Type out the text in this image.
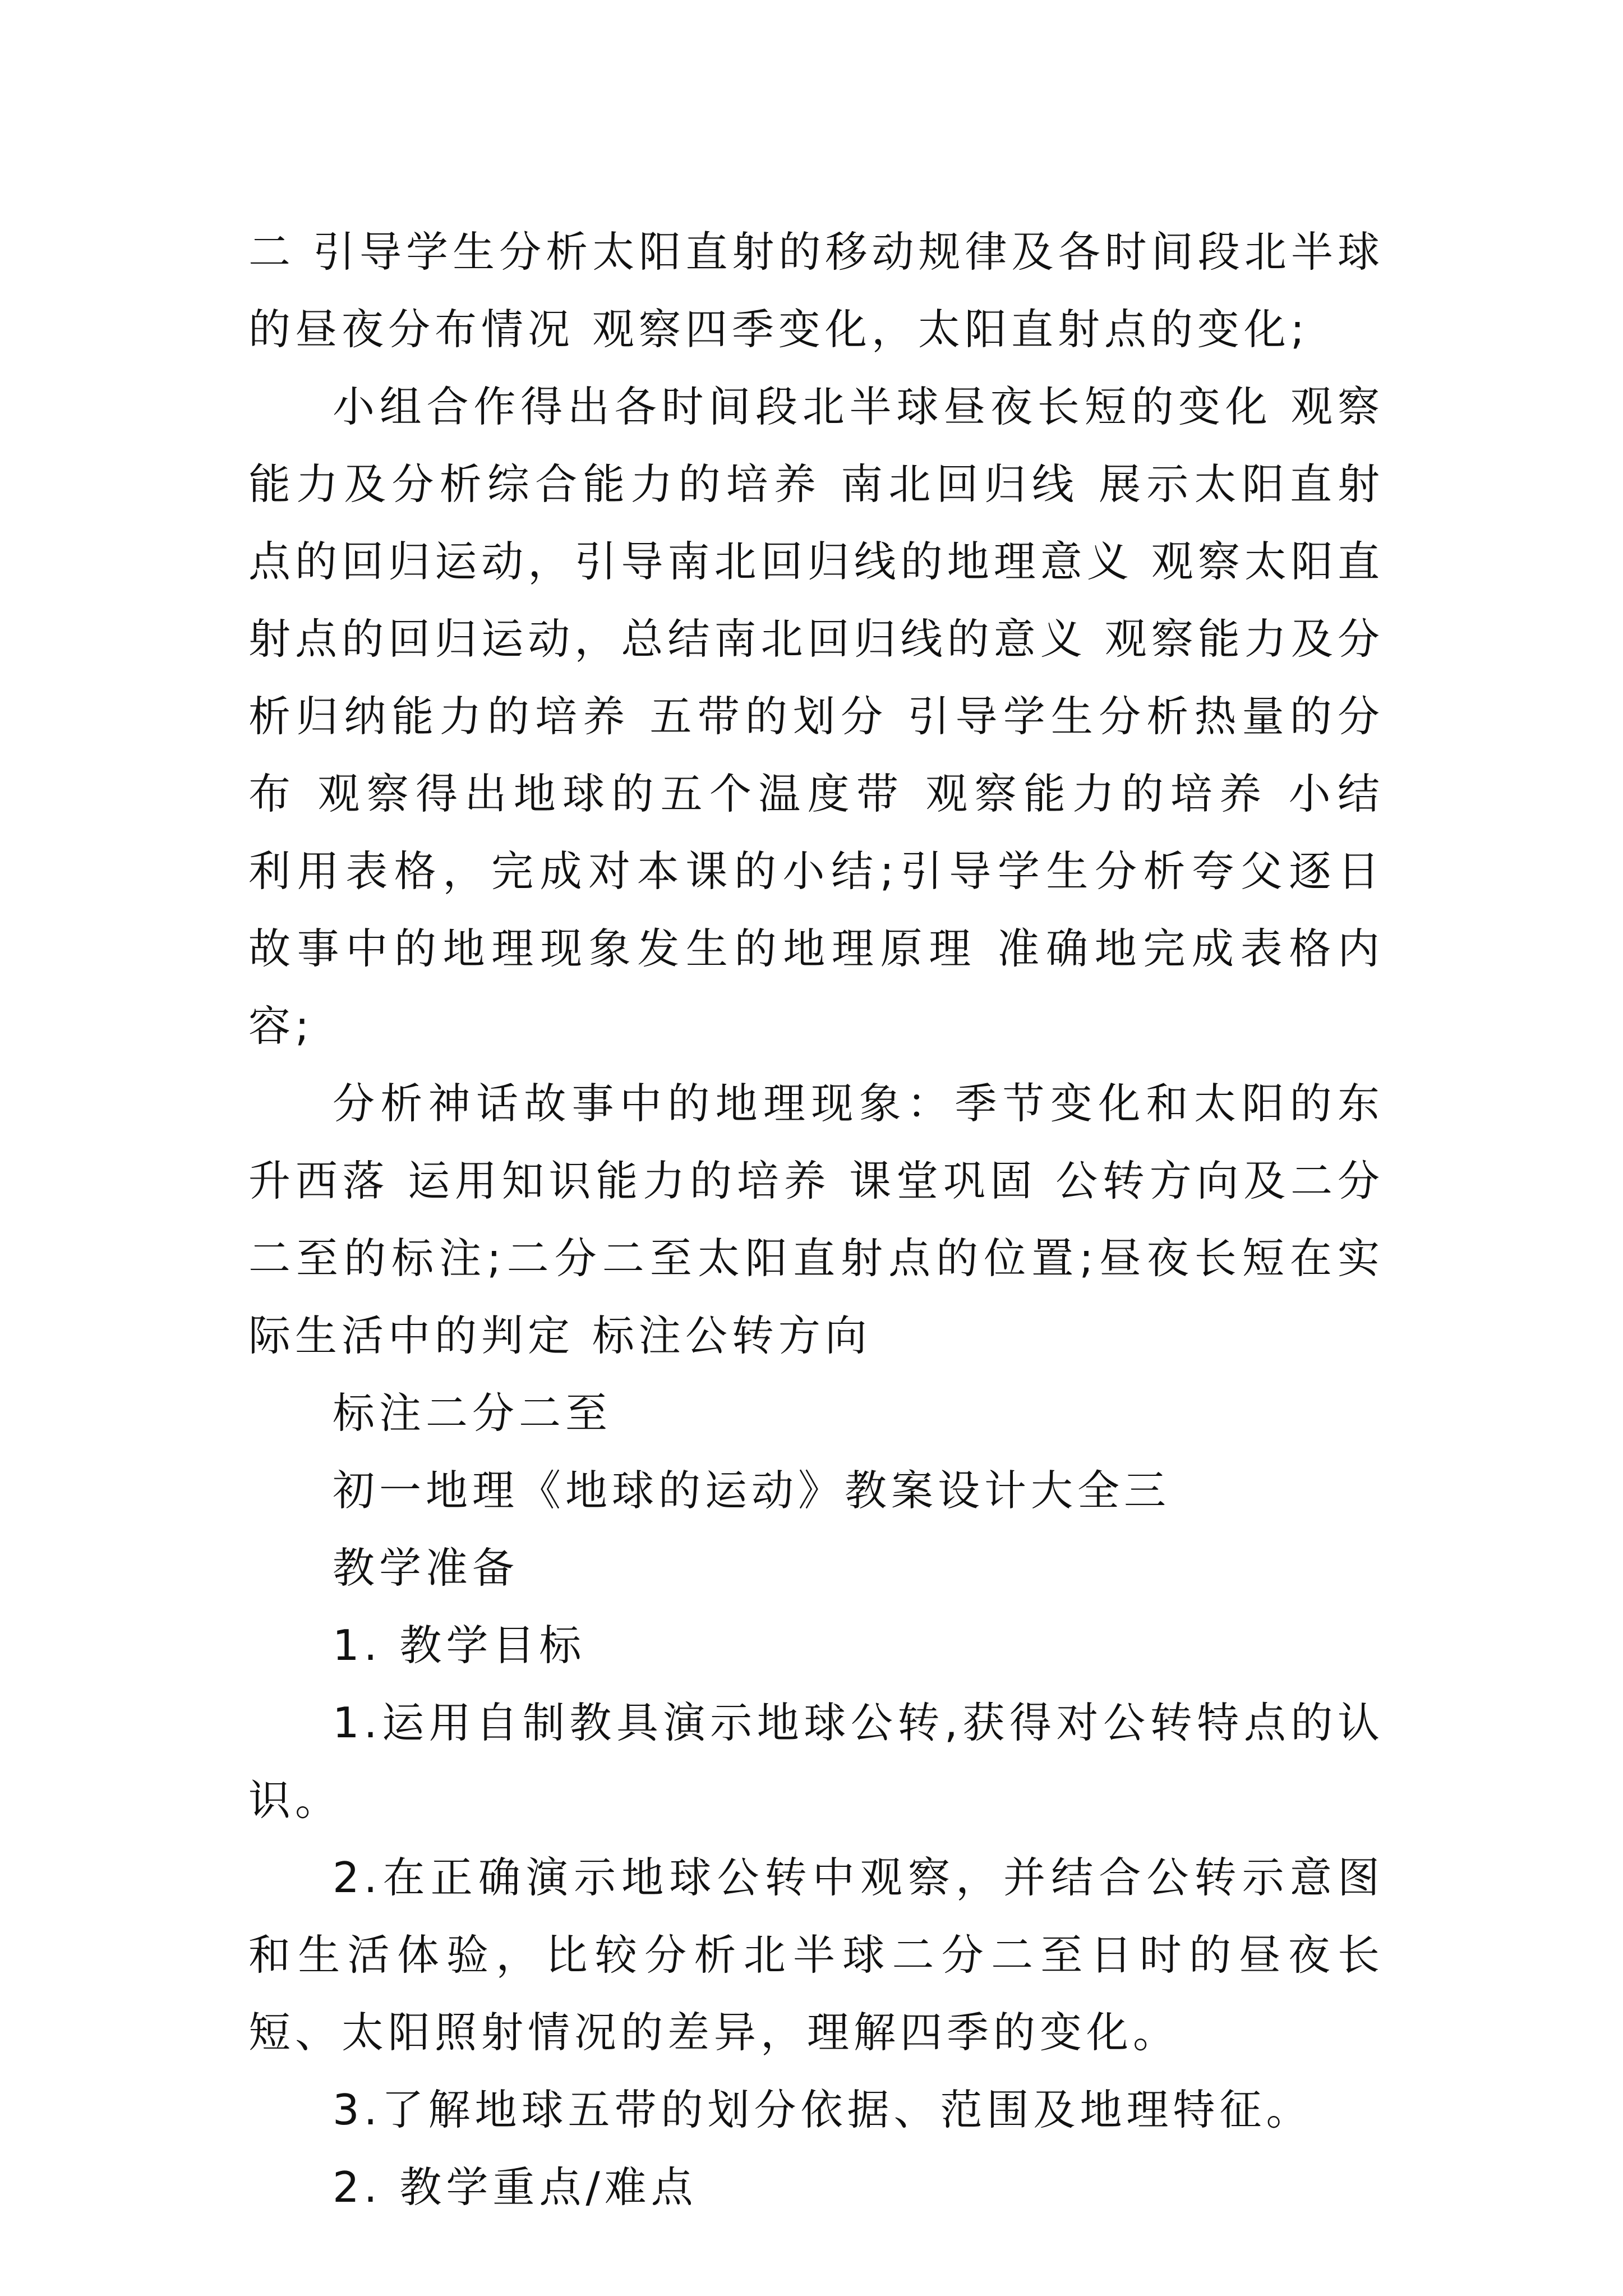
二 引导学生分析太阳直射的移动规律及各时间段北半球的昼夜分布情况 观察四季变化，太阳直射点的变化;

小组合作得出各时间段北半球昼夜长短的变化 观察能力及分析综合能力的培养 南北回归线 展示太阳直射点的回归运动，引导南北回归线的地理意义 观察太阳直射点的回归运动，总结南北回归线的意义 观察能力及分析归纳能力的培养 五带的划分 引导学生分析热量的分布 观察得出地球的五个温度带 观察能力的培养 小结 利用表格，完成对本课的小结;引导学生分析夸父逐日故事中的地理现象发生的地理原理 准确地完成表格内容;

分析神话故事中的地理现象：季节变化和太阳的东升西落 运用知识能力的培养 课堂巩固 公转方向及二分二至的标注;二分二至太阳直射点的位置;昼夜长短在实际生活中的判定 标注公转方向

标注二分二至

初一地理《地球的运动》教案设计大全三

教学准备

1. 教学目标

1.运用自制教具演示地球公转,获得对公转特点的认识。

2.在正确演示地球公转中观察，并结合公转示意图和生活体验，比较分析北半球二分二至日时的昼夜长短、太阳照射情况的差异，理解四季的变化。

3.了解地球五带的划分依据、范围及地理特征。

2. 教学重点/难点
